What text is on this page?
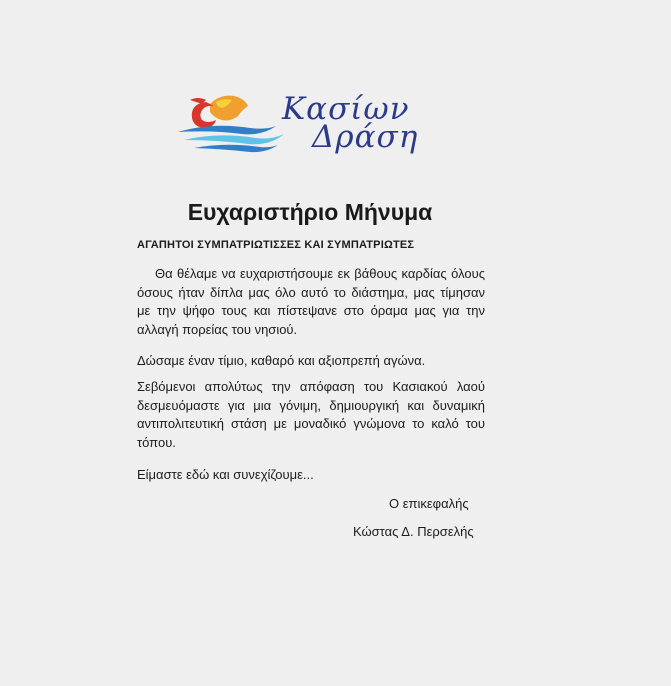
Κασίων
Δράση
Ευχαριστήριο Μήνυμα
ΑΓΑΠΗΤΟΙ ΣΥΜΠΑΤΡΙΩΤΙΣΣΕΣ ΚΑΙ ΣΥΜΠΑΤΡΙΩΤΕΣ
Θα θέλαμε να ευχαριστήσουμε εκ βάθους καρδίας όλους όσους ήταν δίπλα μας όλο αυτό το διάστημα, μας τίμησαν με την ψήφο τους και πίστεψανε στο όραμα μας για την αλλαγή πορείας του νησιού.
Δώσαμε έναν τίμιο, καθαρό και αξιοπρεπή αγώνα.
Σεβόμενοι απολύτως την απόφαση του Κασιακού λαού δεσμευόμαστε για μια γόνιμη, δημιουργική και δυναμική αντιπολιτευτική στάση με μοναδικό γνώμονα το καλό του τόπου.
Είμαστε εδώ και συνεχίζουμε...
Ο επικεφαλής
Κώστας Δ. Περσελής
